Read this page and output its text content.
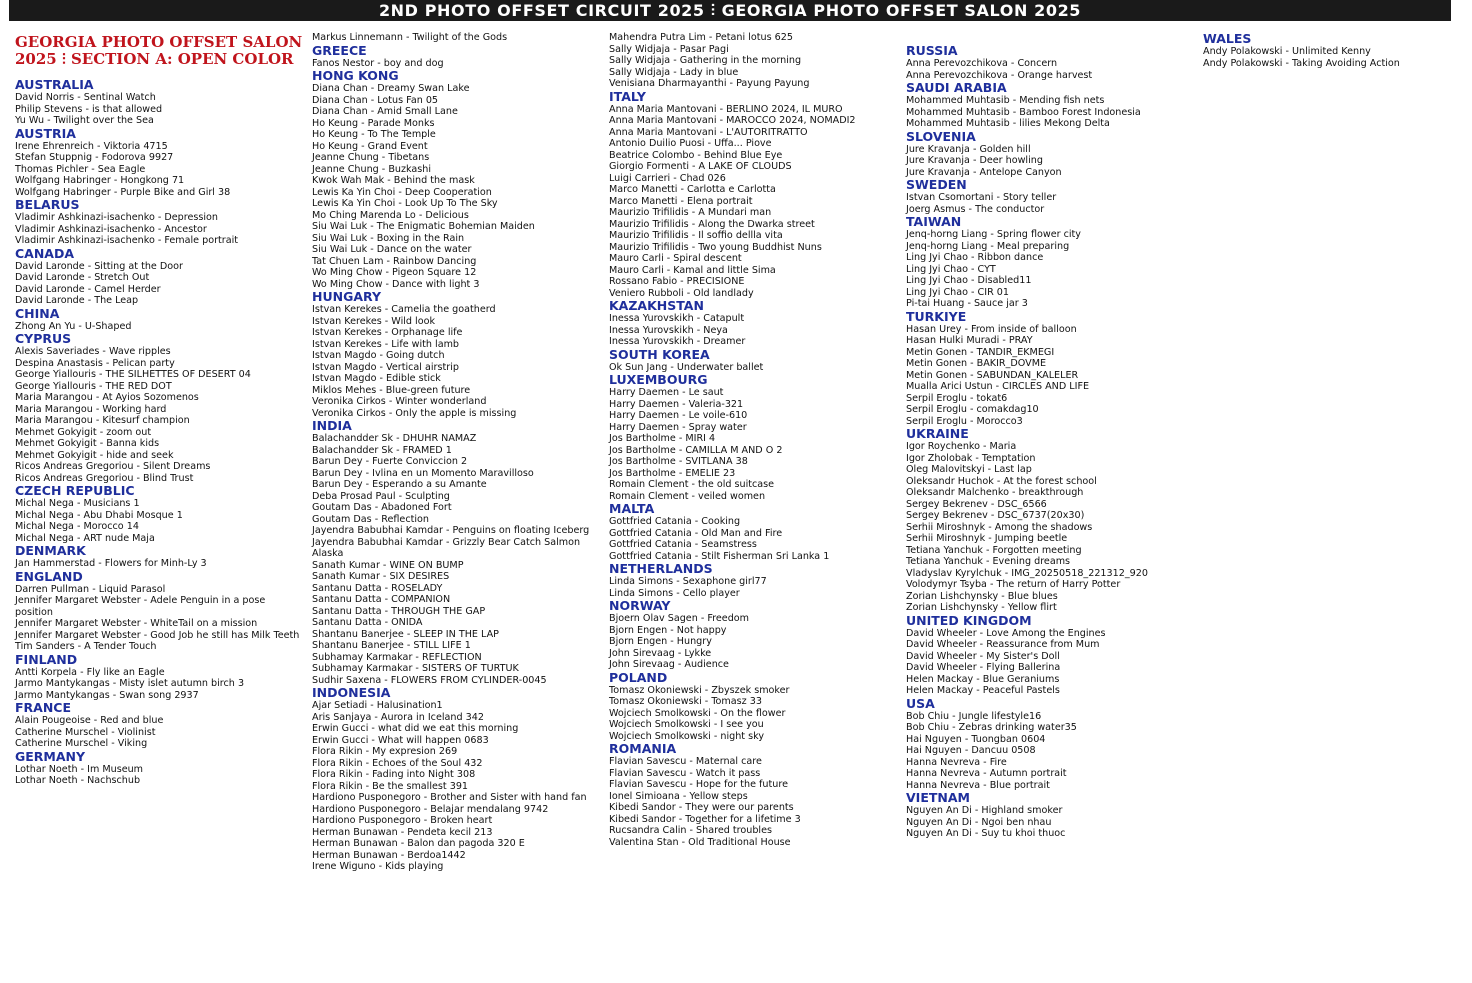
2ND PHOTO OFFSET CIRCUIT 2025 ⫶ GEORGIA PHOTO OFFSET SALON 2025
GEORGIA PHOTO OFFSET SALON 2025 ⫶ SECTION A: OPEN COLOR
AUSTRALIA
David Norris - Sentinal Watch
Philip Stevens - is that allowed
Yu Wu - Twilight over the Sea
AUSTRIA
Irene Ehrenreich - Viktoria 4715
Stefan Stuppnig - Fodorova 9927
Thomas Pichler - Sea Eagle
Wolfgang Habringer - Hongkong 71
Wolfgang Habringer - Purple Bike and Girl 38
BELARUS
Vladimir Ashkinazi-isachenko - Depression
Vladimir Ashkinazi-isachenko - Ancestor
Vladimir Ashkinazi-isachenko - Female portrait
CANADA
David Laronde - Sitting at the Door
David Laronde - Stretch Out
David Laronde - Camel Herder
David Laronde - The Leap
CHINA
Zhong An Yu - U-Shaped
CYPRUS
Alexis Saveriades - Wave ripples
Despina Anastasis - Pelican party
George Yiallouris - THE SILHETTES OF DESERT 04
George Yiallouris - THE RED DOT
Maria Marangou - At Ayios Sozomenos
Maria Marangou - Working hard
Maria Marangou - Kitesurf champion
Mehmet Gokyigit - zoom out
Mehmet Gokyigit - Banna kids
Mehmet Gokyigit - hide and seek
Ricos Andreas Gregoriou - Silent Dreams
Ricos Andreas Gregoriou - Blind Trust
CZECH REPUBLIC
Michal Nega - Musicians 1
Michal Nega - Abu Dhabi Mosque 1
Michal Nega - Morocco 14
Michal Nega - ART nude Maja
DENMARK
Jan Hammerstad - Flowers for Minh-Ly 3
ENGLAND
Darren Pullman - Liquid Parasol
Jennifer Margaret Webster - Adele Penguin in a pose position
Jennifer Margaret Webster - WhiteTail on a mission
Jennifer Margaret Webster - Good Job he still has Milk Teeth
Tim Sanders - A Tender Touch
FINLAND
Antti Korpela - Fly like an Eagle
Jarmo Mantykangas - Misty islet autumn birch 3
Jarmo Mantykangas - Swan song 2937
FRANCE
Alain Pougeoise - Red and blue
Catherine Murschel - Violinist
Catherine Murschel - Viking
GERMANY
Lothar Noeth - Im Museum
Lothar Noeth - Nachschub
Markus Linnemann - Twilight of the Gods
GREECE
Fanos Nestor - boy and dog
HONG KONG
Diana Chan - Dreamy Swan Lake
Diana Chan - Lotus Fan 05
Diana Chan - Amid Small Lane
Ho Keung - Parade Monks
Ho Keung - To The Temple
Ho Keung - Grand Event
Jeanne Chung - Tibetans
Jeanne Chung - Buzkashi
Kwok Wah Mak - Behind the mask
Lewis Ka Yin Choi - Deep Cooperation
Lewis Ka Yin Choi - Look Up To The Sky
Mo Ching Marenda Lo - Delicious
Siu Wai Luk - The Enigmatic Bohemian Maiden
Siu Wai Luk - Boxing in the Rain
Siu Wai Luk - Dance on the water
Tat Chuen Lam - Rainbow Dancing
Wo Ming Chow - Pigeon Square 12
Wo Ming Chow - Dance with light 3
HUNGARY
Istvan Kerekes - Camelia the goatherd
Istvan Kerekes - Wild look
Istvan Kerekes - Orphanage life
Istvan Kerekes - Life with lamb
Istvan Magdo - Going dutch
Istvan Magdo - Vertical airstrip
Istvan Magdo - Edible stick
Miklos Mehes - Blue-green future
Veronika Cirkos - Winter wonderland
Veronika Cirkos - Only the apple is missing
INDIA
Balachandder Sk - DHUHR NAMAZ
Balachandder Sk - FRAMED 1
Barun Dey - Fuerte Conviccion 2
Barun Dey - Ivlina en un Momento Maravilloso
Barun Dey - Esperando a su Amante
Deba Prosad Paul - Sculpting
Goutam Das - Abadoned Fort
Goutam Das - Reflection
Jayendra Babubhai Kamdar - Penguins on floating Iceberg
Jayendra Babubhai Kamdar - Grizzly Bear Catch Salmon Alaska
Sanath Kumar - WINE ON BUMP
Sanath Kumar - SIX DESIRES
Santanu Datta - ROSELADY
Santanu Datta - COMPANION
Santanu Datta - THROUGH THE GAP
Santanu Datta - ONIDA
Shantanu Banerjee - SLEEP IN THE LAP
Shantanu Banerjee - STILL LIFE 1
Subhamay Karmakar - REFLECTION
Subhamay Karmakar - SISTERS OF TURTUK
Sudhir Saxena - FLOWERS FROM CYLINDER-0045
INDONESIA
Ajar Setiadi - Halusination1
Aris Sanjaya - Aurora in Iceland 342
Erwin Gucci - what did we eat this morning
Erwin Gucci - What will happen 0683
Flora Rikin - My expresion 269
Flora Rikin - Echoes of the Soul 432
Flora Rikin - Fading into Night 308
Flora Rikin - Be the smallest 391
Hardiono Pusponegoro - Brother and Sister with hand fan
Hardiono Pusponegoro - Belajar mendalang 9742
Hardiono Pusponegoro - Broken heart
Herman Bunawan - Pendeta kecil 213
Herman Bunawan - Balon dan pagoda 320 E
Herman Bunawan - Berdoa1442
Irene Wiguno - Kids playing
Mahendra Putra Lim - Petani lotus 625
Sally Widjaja - Pasar Pagi
Sally Widjaja - Gathering in the morning
Sally Widjaja - Lady in blue
Venisiana Dharmayanthi - Payung Payung
ITALY
Anna Maria Mantovani - BERLINO 2024, IL MURO
Anna Maria Mantovani - MAROCCO 2024, NOMADI2
Anna Maria Mantovani - L'AUTORITRATTO
Antonio Duilio Puosi - Uffa... Piove
Beatrice Colombo - Behind Blue Eye
Giorgio Formenti - A LAKE OF CLOUDS
Luigi Carrieri - Chad 026
Marco Manetti - Carlotta e Carlotta
Marco Manetti - Elena portrait
Maurizio Trifilidis - A Mundari man
Maurizio Trifilidis - Along the Dwarka street
Maurizio Trifilidis - Il soffio dellla vita
Maurizio Trifilidis - Two young Buddhist Nuns
Mauro Carli - Spiral descent
Mauro Carli - Kamal and little Sima
Rossano Fabio - PRECISIONE
Veniero Rubboli - Old landlady
KAZAKHSTAN
Inessa Yurovskikh - Catapult
Inessa Yurovskikh - Neya
Inessa Yurovskikh - Dreamer
SOUTH KOREA
Ok Sun Jang - Underwater ballet
LUXEMBOURG
Harry Daemen - Le saut
Harry Daemen - Valeria-321
Harry Daemen - Le voile-610
Harry Daemen - Spray water
Jos Bartholme - MIRI 4
Jos Bartholme - CAMILLA M AND O 2
Jos Bartholme - SVITLANA 38
Jos Bartholme - EMELIE 23
Romain Clement - the old suitcase
Romain Clement - veiled women
MALTA
Gottfried Catania - Cooking
Gottfried Catania - Old Man and Fire
Gottfried Catania - Seamstress
Gottfried Catania - Stilt Fisherman Sri Lanka 1
NETHERLANDS
Linda Simons - Sexaphone girl77
Linda Simons - Cello player
NORWAY
Bjoern Olav Sagen - Freedom
Bjorn Engen - Not happy
Bjorn Engen - Hungry
John Sirevaag - Lykke
John Sirevaag - Audience
POLAND
Tomasz Okoniewski - Zbyszek smoker
Tomasz Okoniewski - Tomasz 33
Wojciech Smolkowski - On the flower
Wojciech Smolkowski - I see you
Wojciech Smolkowski - night sky
ROMANIA
Flavian Savescu - Maternal care
Flavian Savescu - Watch it pass
Flavian Savescu - Hope for the future
Ionel Simioana - Yellow steps
Kibedi Sandor - They were our parents
Kibedi Sandor - Together for a lifetime 3
Rucsandra Calin - Shared troubles
Valentina Stan - Old Traditional House
RUSSIA
Anna Perevozchikova - Concern
Anna Perevozchikova - Orange harvest
SAUDI ARABIA
Mohammed Muhtasib - Mending fish nets
Mohammed Muhtasib - Bamboo Forest Indonesia
Mohammed Muhtasib - lilies Mekong Delta
SLOVENIA
Jure Kravanja - Golden hill
Jure Kravanja - Deer howling
Jure Kravanja - Antelope Canyon
SWEDEN
Istvan Csomortani - Story teller
Joerg Asmus - The conductor
TAIWAN
Jenq-horng Liang - Spring flower city
Jenq-horng Liang - Meal preparing
Ling Jyi Chao - Ribbon dance
Ling Jyi Chao - CYT
Ling Jyi Chao - Disabled11
Ling Jyi Chao - CIR 01
Pi-tai Huang - Sauce jar 3
TURKIYE
Hasan Urey - From inside of balloon
Hasan Hulki Muradi - PRAY
Metin Gonen - TANDIR_EKMEGI
Metin Gonen - BAKIR_DOVME
Metin Gonen - SABUNDAN_KALELER
Mualla Arici Ustun - CIRCLES AND LIFE
Serpil Eroglu - tokat6
Serpil Eroglu - comakdag10
Serpil Eroglu - Morocco3
UKRAINE
Igor Roychenko - Maria
Igor Zholobak - Temptation
Oleg Malovitskyi - Last lap
Oleksandr Huchok - At the forest school
Oleksandr Malchenko - breakthrough
Sergey Bekrenev - DSC_6566
Sergey Bekrenev - DSC_6737(20x30)
Serhii Miroshnyk - Among the shadows
Serhii Miroshnyk - Jumping beetle
Tetiana Yanchuk - Forgotten meeting
Tetiana Yanchuk - Evening dreams
Vladyslav Kyrylchuk - IMG_20250518_221312_920
Volodymyr Tsyba - The return of Harry Potter
Zorian Lishchynsky - Blue blues
Zorian Lishchynsky - Yellow flirt
UNITED KINGDOM
David Wheeler - Love Among the Engines
David Wheeler - Reassurance from Mum
David Wheeler - My Sister's Doll
David Wheeler - Flying Ballerina
Helen Mackay - Blue Geraniums
Helen Mackay - Peaceful Pastels
USA
Bob Chiu - Jungle lifestyle16
Bob Chiu - Zebras drinking water35
Hai Nguyen - Tuongban 0604
Hai Nguyen - Dancuu 0508
Hanna Nevreva - Fire
Hanna Nevreva - Autumn portrait
Hanna Nevreva - Blue portrait
VIETNAM
Nguyen An Di - Highland smoker
Nguyen An Di - Ngoi ben nhau
Nguyen An Di - Suy tu khoi thuoc
WALES
Andy Polakowski - Unlimited Kenny
Andy Polakowski - Taking Avoiding Action
